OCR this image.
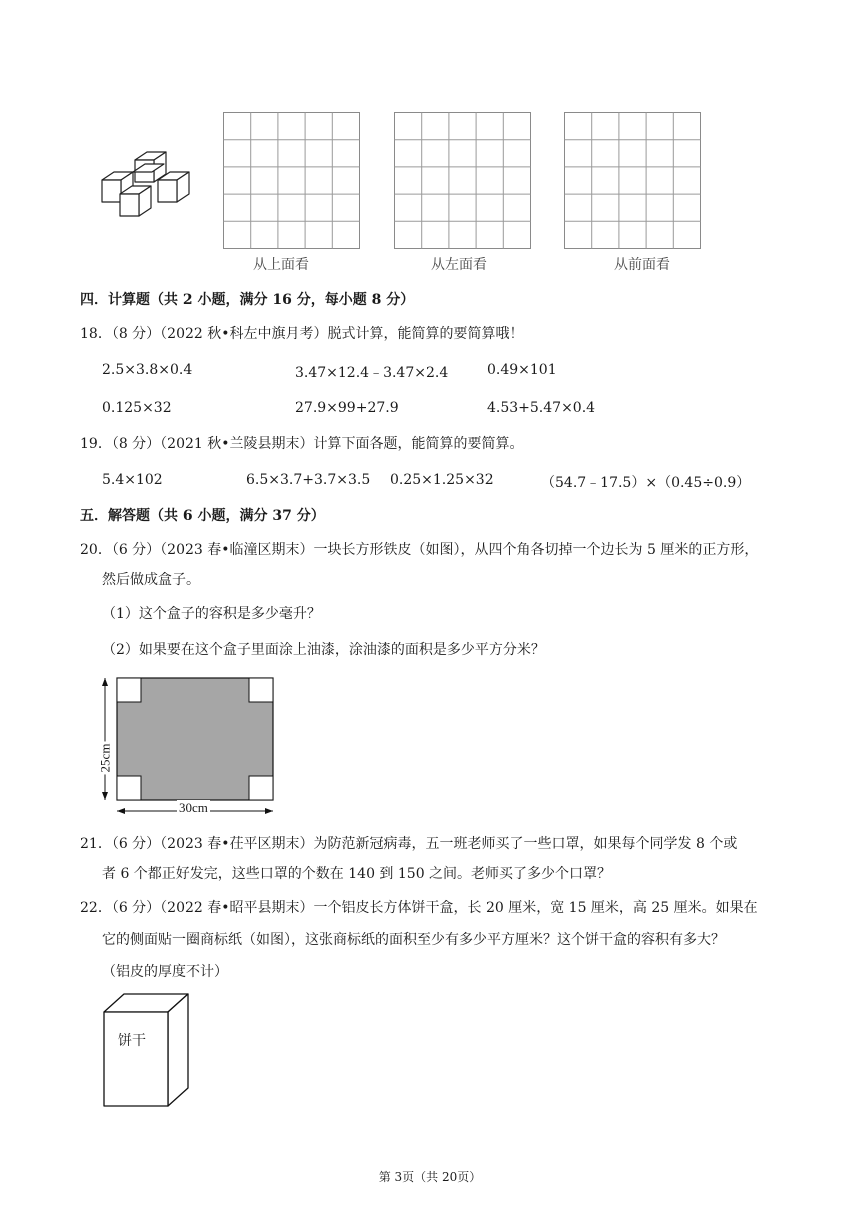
从上面看	从左面看	从前面看
四．计算题（共 2 小题，满分 16 分，每小题 8 分）
18．（8 分）（2022 秋•科左中旗月考）脱式计算，能简算的要简算哦！
2.5×3.8×0.4	3.47×12.4﹣3.47×2.4	0.49×101
0.125×32	27.9×99+27.9	4.53+5.47×0.4
19．（8 分）（2021 秋•兰陵县期末）计算下面各题，能简算的要简算。
5.4×102	6.5×3.7+3.7×3.5 0.25×1.25×32	（54.7﹣17.5）×（0.45÷0.9）
五．解答题（共 6 小题，满分 37 分）
20．（6 分）（2023 春•临潼区期末）一块长方形铁皮（如图），从四个角各切掉一个边长为 5 厘米的正方形，
然后做成盒子。
（1）这个盒子的容积是多少毫升？
（2）如果要在这个盒子里面涂上油漆，涂油漆的面积是多少平方分米？
25cm
30cm
21．（6 分）（2023 春•茌平区期末）为防范新冠病毒，五一班老师买了一些口罩，如果每个同学发 8 个或
者 6 个都正好发完，这些口罩的个数在 140 到 150 之间。老师买了多少个口罩？
22．（6 分）（2022 春•昭平县期末）一个铝皮长方体饼干盒，长 20 厘米，宽 15 厘米，高 25 厘米。如果在
它的侧面贴一圈商标纸（如图），这张商标纸的面积至少有多少平方厘米？这个饼干盒的容积有多大？
（铝皮的厚度不计）
饼干
第 3页（共 20页）
